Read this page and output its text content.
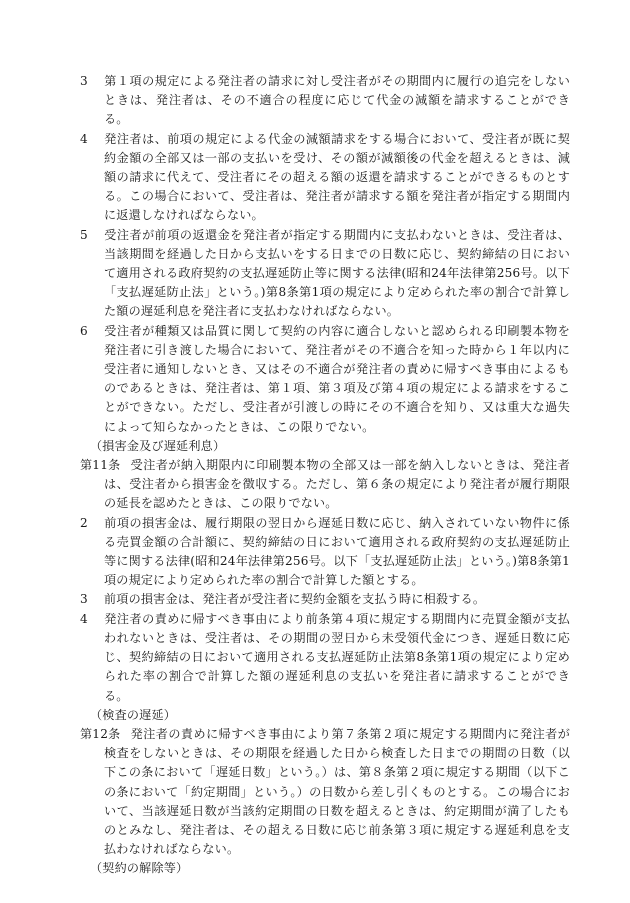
3 第１項の規定による発注者の請求に対し受注者がその期間内に履行の追完をしないときは、発注者は、その不適合の程度に応じて代金の減額を請求することができる。

4 発注者は、前項の規定による代金の減額請求をする場合において、受注者が既に契約金額の全部又は一部の支払いを受け、その額が減額後の代金を超えるときは、減額の請求に代えて、受注者にその超える額の返還を請求することができるものとする。この場合において、受注者は、発注者が請求する額を発注者が指定する期間内に返還しなければならない。

5 受注者が前項の返還金を発注者が指定する期間内に支払わないときは、受注者は、当該期間を経過した日から支払いをする日までの日数に応じ、契約締結の日において適用される政府契約の支払遅延防止等に関する法律(昭和24年法律第256号。以下「支払遅延防止法」という。)第8条第1項の規定により定められた率の割合で計算した額の遅延利息を発注者に支払わなければならない。

6 受注者が種類又は品質に関して契約の内容に適合しないと認められる印刷製本物を発注者に引き渡した場合において、発注者がその不適合を知った時から１年以内に受注者に通知しないとき、又はその不適合が発注者の責めに帰すべき事由によるものであるときは、発注者は、第１項、第３項及び第４項の規定による請求をすることができない。ただし、受注者が引渡しの時にその不適合を知り、又は重大な過失によって知らなかったときは、この限りでない。

（損害金及び遅延利息）

第11条 受注者が納入期限内に印刷製本物の全部又は一部を納入しないときは、発注者は、受注者から損害金を徴収する。ただし、第６条の規定により発注者が履行期限の延長を認めたときは、この限りでない。

2 前項の損害金は、履行期限の翌日から遅延日数に応じ、納入されていない物件に係る売買金額の合計額に、契約締結の日において適用される政府契約の支払遅延防止等に関する法律(昭和24年法律第256号。以下「支払遅延防止法」という。)第8条第1項の規定により定められた率の割合で計算した額とする。

3 前項の損害金は、発注者が受注者に契約金額を支払う時に相殺する。

4 発注者の責めに帰すべき事由により前条第４項に規定する期間内に売買金額が支払われないときは、受注者は、その期間の翌日から未受領代金につき、遅延日数に応じ、契約締結の日において適用される支払遅延防止法第8条第1項の規定により定められた率の割合で計算した額の遅延利息の支払いを発注者に請求することができる。

（検査の遅延）

第12条 発注者の責めに帰すべき事由により第７条第２項に規定する期間内に発注者が検査をしないときは、その期限を経過した日から検査した日までの期間の日数（以下この条において「遅延日数」という。）は、第８条第２項に規定する期間（以下この条において「約定期間」という。）の日数から差し引くものとする。この場合において、当該遅延日数が当該約定期間の日数を超えるときは、約定期間が満了したものとみなし、発注者は、その超える日数に応じ前条第３項に規定する遅延利息を支払わなければならない。

（契約の解除等）
